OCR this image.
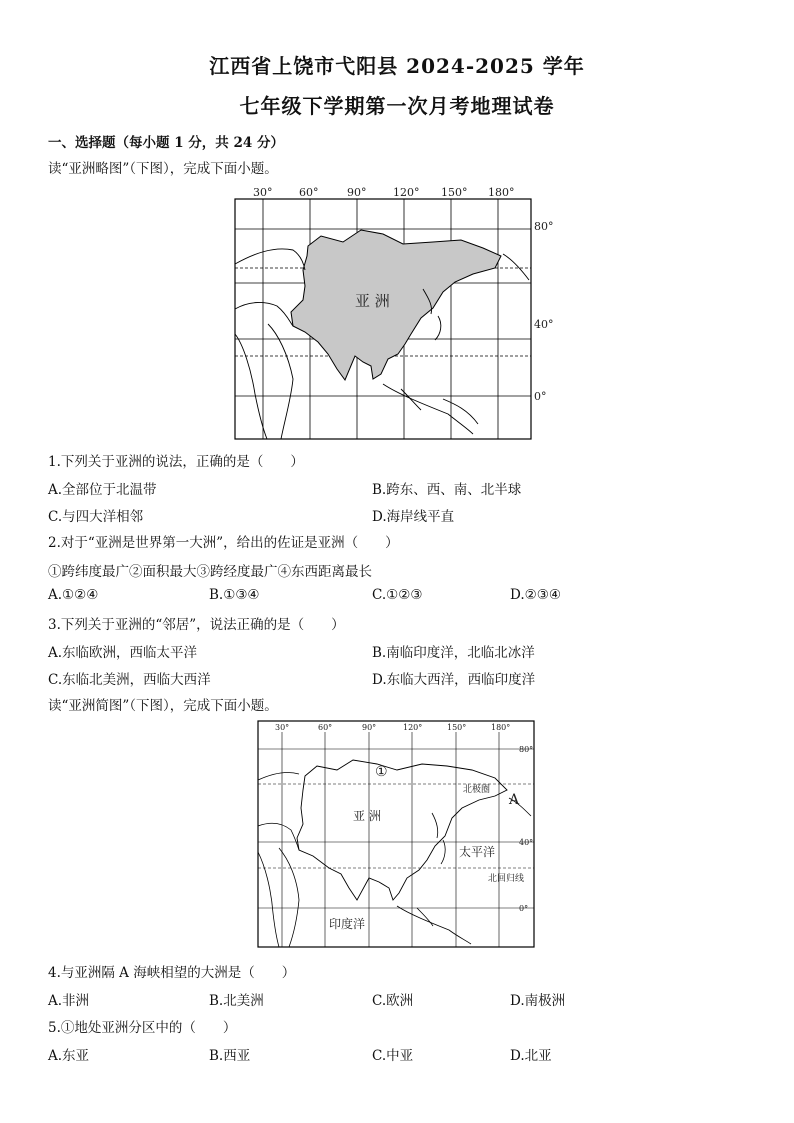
江西省上饶市弋阳县 2024-2025 学年
七年级下学期第一次月考地理试卷
一、选择题（每小题 1 分，共 24 分）
读“亚洲略图”（下图），完成下面小题。
30° 60°	90° 120° 150° 180°
80°
40°
0°
亚 洲
1.下列关于亚洲的说法，正确的是（　　）
A.全部位于北温带	B.跨东、西、南、北半球
C.与四大洋相邻	D.海岸线平直
2.对于“亚洲是世界第一大洲”，给出的佐证是亚洲（　　）
①跨纬度最广②面积最大③跨经度最广④东西距离最长
A.①②④	B.①③④	C.①②③	D.②③④
3.下列关于亚洲的“邻居”，说法正确的是（　　）
A.东临欧洲，西临太平洋	B.南临印度洋，北临北冰洋
C.东临北美洲，西临大西洋	D.东临大西洋，西临印度洋
读“亚洲简图”（下图），完成下面小题。
30°	60°	90°	120°	150°	180°
80°
40°
0°
①
亚 洲
北极圈
A
太平洋
北回归线
印度洋
4.与亚洲隔 A 海峡相望的大洲是（　　）
A.非洲	B.北美洲	C.欧洲	D.南极洲
5.①地处亚洲分区中的（　　）
A.东亚	B.西亚	C.中亚	D.北亚
